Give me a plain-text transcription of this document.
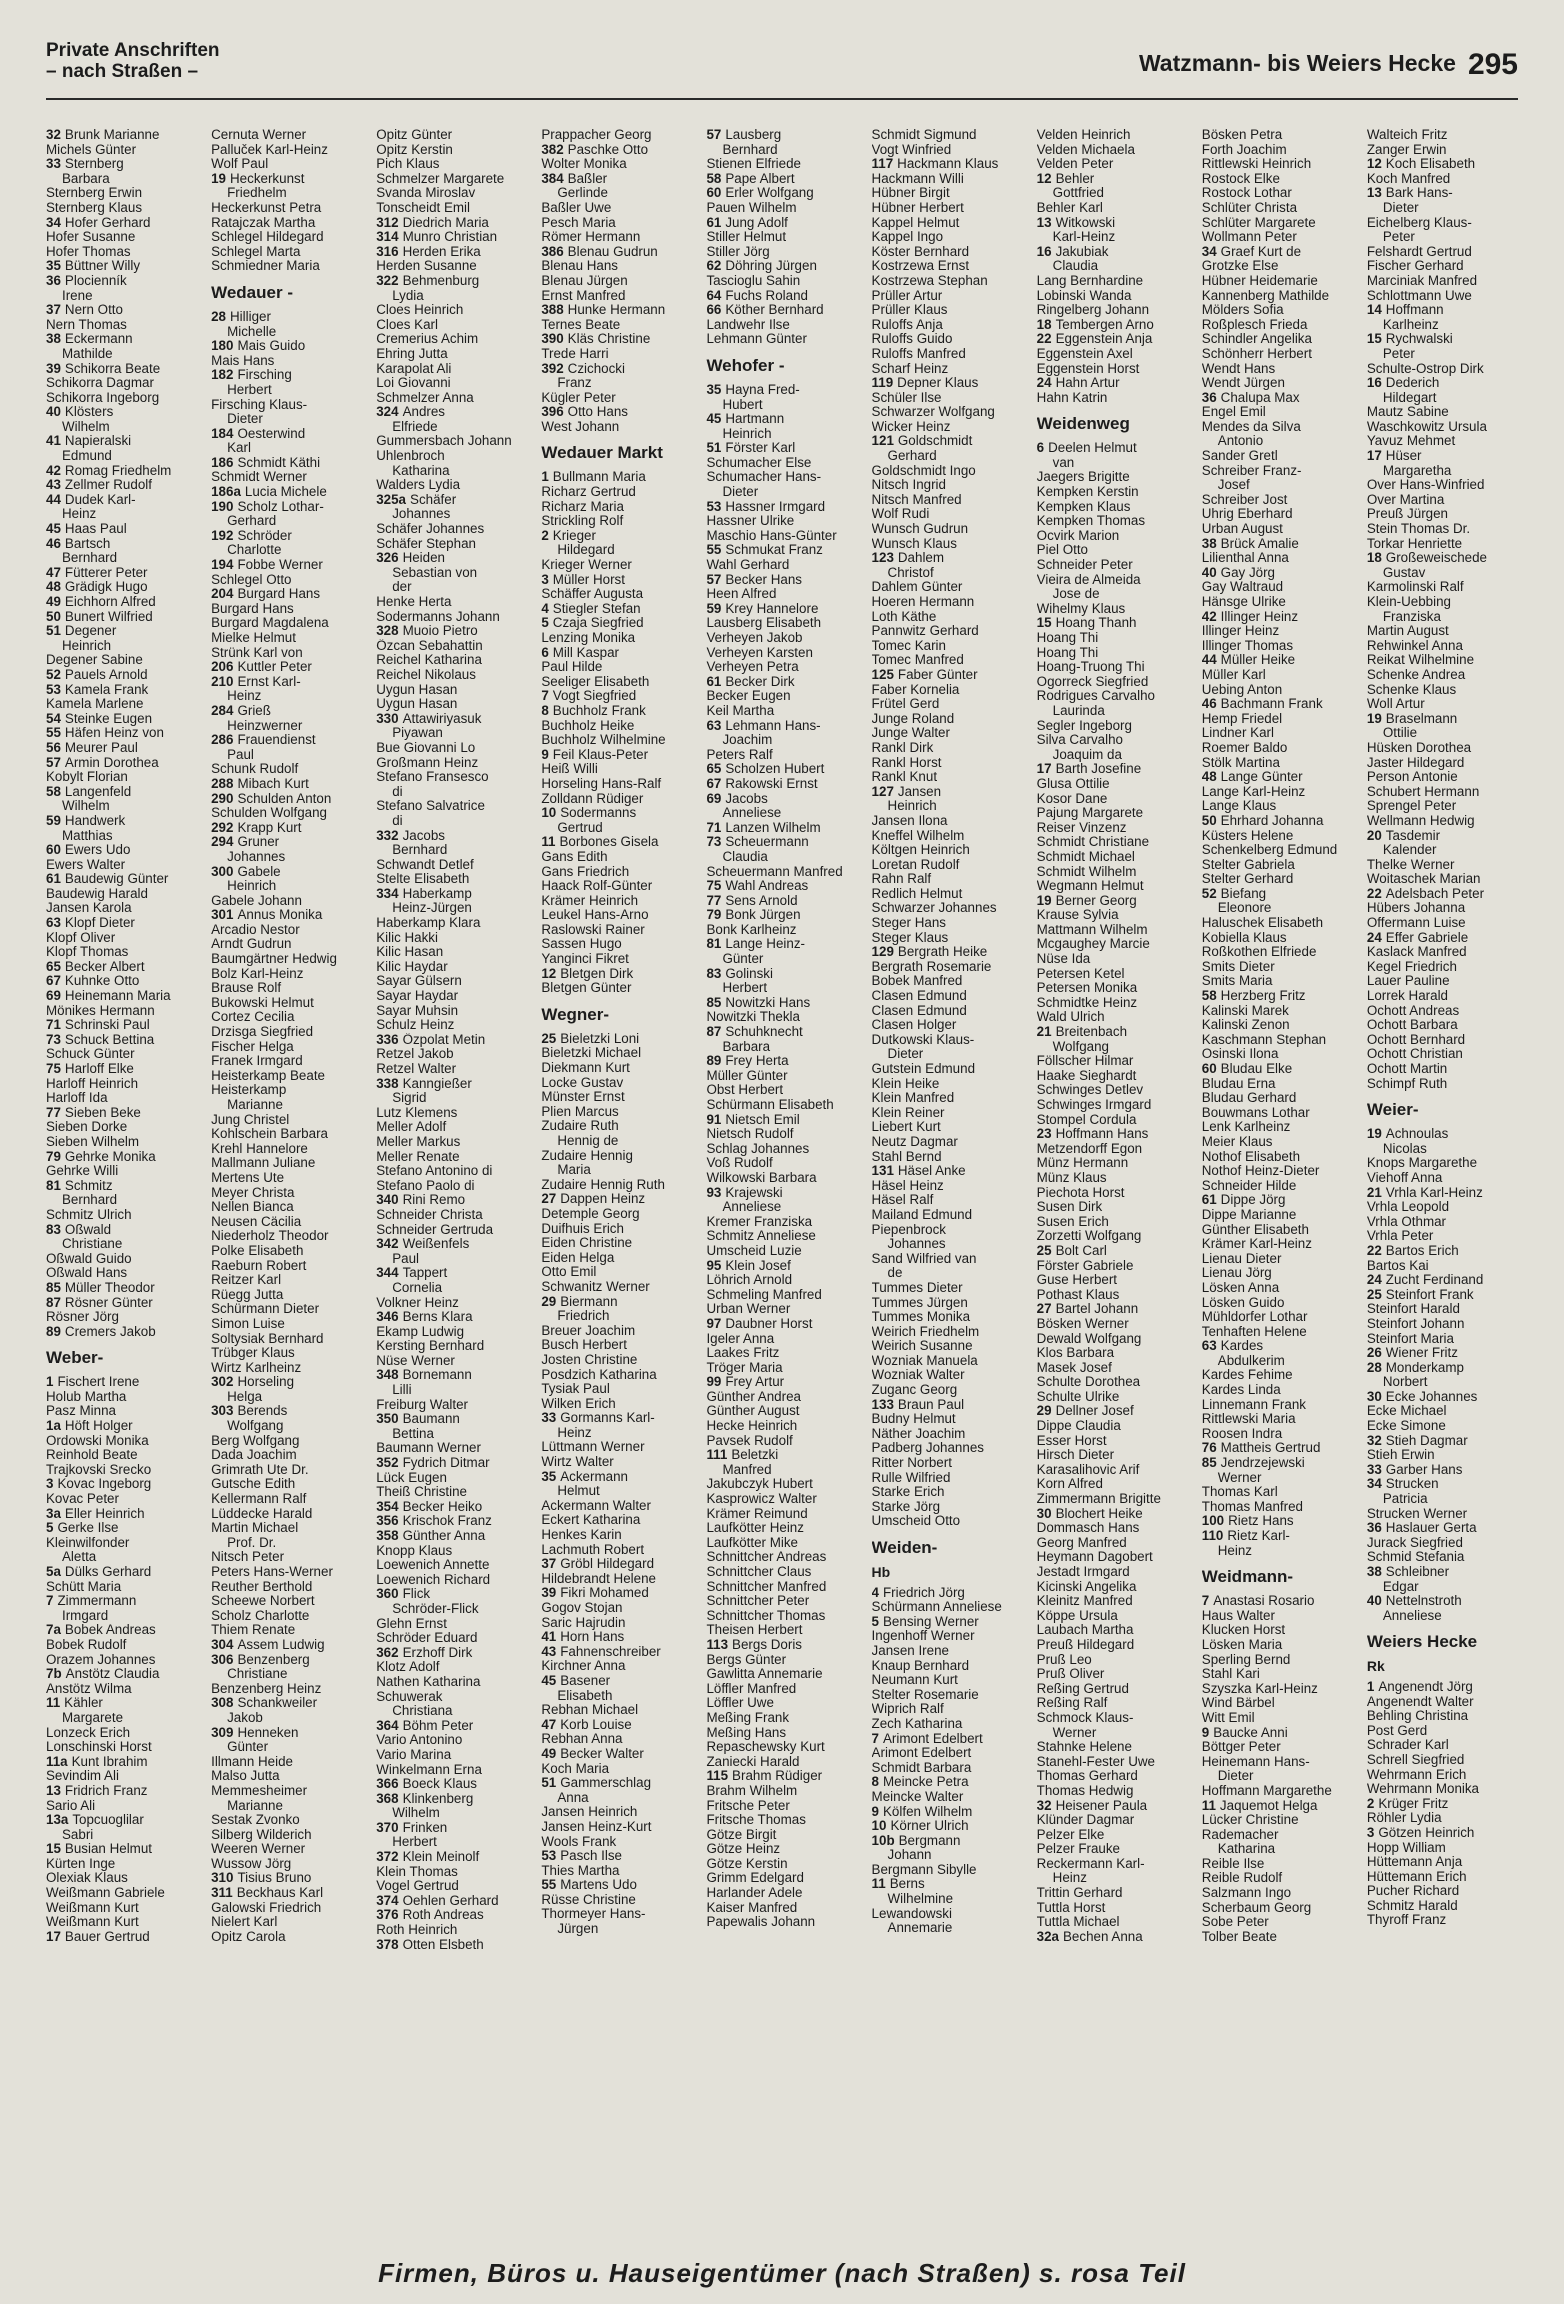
Private Anschriften
– nach Straßen –	Watzmann- bis Weiers Hecke 295
32 Brunk Marianne
Michels Günter
33 Sternberg
Barbara
Sternberg Erwin
Sternberg Klaus
34 Hofer Gerhard
Hofer Susanne
Hofer Thomas
35 Büttner Willy
36 Plocienník
Irene
37 Nern Otto
Nern Thomas
38 Eckermann
Mathilde
39 Schikorra Beate
Schikorra Dagmar
Schikorra Ingeborg
40 Klösters
Wilhelm
41 Napieralski
Edmund
42 Romag Friedhelm
43 Zellmer Rudolf
44 Dudek Karl-
Heinz
45 Haas Paul
46 Bartsch
Bernhard
47 Fütterer Peter
48 Grädigk Hugo
49 Eichhorn Alfred
50 Bunert Wilfried
51 Degener
Heinrich
Degener Sabine
52 Pauels Arnold
53 Kamela Frank
Kamela Marlene
54 Steinke Eugen
55 Häfen Heinz von
56 Meurer Paul
57 Armin Dorothea
Kobylt Florian
58 Langenfeld
Wilhelm
59 Handwerk
Matthias
60 Ewers Udo
Ewers Walter
61 Baudewig Günter
Baudewig Harald
Jansen Karola
63 Klopf Dieter
Klopf Oliver
Klopf Thomas
65 Becker Albert
67 Kuhnke Otto
69 Heinemann Maria
Mönikes Hermann
71 Schrinski Paul
73 Schuck Bettina
Schuck Günter
75 Harloff Elke
Harloff Heinrich
Harloff Ida
77 Sieben Beke
Sieben Dorke
Sieben Wilhelm
79 Gehrke Monika
Gehrke Willi
81 Schmitz
Bernhard
Schmitz Ulrich
83 Oßwald
Christiane
Oßwald Guido
Oßwald Hans
85 Müller Theodor
87 Rösner Günter
Rösner Jörg
89 Cremers Jakob
Weber-
1 Fischert Irene
Holub Martha
Pasz Minna
1a Höft Holger
Ordowski Monika
Reinhold Beate
Trajkovski Srecko
3 Kovac Ingeborg
Kovac Peter
3a Eller Heinrich
5 Gerke Ilse
Kleinwilfonder
Aletta
5a Dülks Gerhard
Schütt Maria
7 Zimmermann
Irmgard
7a Bobek Andreas
Bobek Rudolf
Orazem Johannes
7b Anstötz Claudia
Anstötz Wilma
11 Kähler
Margarete
Lonzeck Erich
Lonschinski Horst
11a Kunt Ibrahim
Sevindim Ali
13 Fridrich Franz
Sario Ali
13a Topcuoglilar
Sabri
15 Busian Helmut
Kürten Inge
Olexiak Klaus
Weißmann Gabriele
Weißmann Kurt
Weißmann Kurt
17 Bauer Gertrud
Cernuta Werner
Palluček Karl-Heinz
Wolf Paul
19 Heckerkunst
Friedhelm
Heckerkunst Petra
Ratajczak Martha
Schlegel Hildegard
Schlegel Marta
Schmiedner Maria
Wedauer -
28 Hilliger
Michelle
180 Mais Guido
Mais Hans
182 Firsching
Herbert
Firsching Klaus-
Dieter
184 Oesterwind
Karl
186 Schmidt Käthi
Schmidt Werner
186a Lucia Michele
190 Scholz Lothar-
Gerhard
192 Schröder
Charlotte
194 Fobbe Werner
Schlegel Otto
204 Burgard Hans
Burgard Hans
Burgard Magdalena
Mielke Helmut
Strünk Karl von
206 Kuttler Peter
210 Ernst Karl-
Heinz
284 Grieß
Heinzwerner
286 Frauendienst
Paul
Schunk Rudolf
288 Mibach Kurt
290 Schulden Anton
Schulden Wolfgang
292 Krapp Kurt
294 Gruner
Johannes
300 Gabele
Heinrich
Gabele Johann
301 Annus Monika
Arcadio Nestor
Arndt Gudrun
Baumgärtner Hedwig
Bolz Karl-Heinz
Brause Rolf
Bukowski Helmut
Cortez Cecilia
Drzisga Siegfried
Fischer Helga
Franek Irmgard
Heisterkamp Beate
Heisterkamp
Marianne
Jung Christel
Kohlschein Barbara
Krehl Hannelore
Mallmann Juliane
Mertens Ute
Meyer Christa
Nellen Bianca
Neusen Cäcilia
Niederholz Theodor
Polke Elisabeth
Raeburn Robert
Reitzer Karl
Rüegg Jutta
Schürmann Dieter
Simon Luise
Soltysiak Bernhard
Trübger Klaus
Wirtz Karlheinz
302 Horseling
Helga
303 Berends
Wolfgang
Berg Wolfgang
Dada Joachim
Grimrath Ute Dr.
Gutsche Edith
Kellermann Ralf
Lüddecke Harald
Martin Michael
Prof. Dr.
Nitsch Peter
Peters Hans-Werner
Reuther Berthold
Scheewe Norbert
Scholz Charlotte
Thiem Renate
304 Assem Ludwig
306 Benzenberg
Christiane
Benzenberg Heinz
308 Schankweiler
Jakob
309 Henneken
Günter
Illmann Heide
Malso Jutta
Memmesheimer
Marianne
Sestak Zvonko
Silberg Wilderich
Weeren Werner
Wussow Jörg
310 Tisius Bruno
311 Beckhaus Karl
Galowski Friedrich
Nielert Karl
Opitz Carola
Opitz Günter
Opitz Kerstin
Pich Klaus
Schmelzer Margarete
Svanda Miroslav
Tonscheidt Emil
312 Diedrich Maria
314 Munro Christian
316 Herden Erika
Herden Susanne
322 Behmenburg
Lydia
Cloes Heinrich
Cloes Karl
Cremerius Achim
Ehring Jutta
Karapolat Ali
Loi Giovanni
Schmelzer Anna
324 Andres
Elfriede
Gummersbach Johann
Uhlenbroch
Katharina
Walders Lydia
325a Schäfer
Johannes
Schäfer Johannes
Schäfer Stephan
326 Heiden
Sebastian von
der
Henke Herta
Sodermanns Johann
328 Muoio Pietro
Özcan Sebahattin
Reichel Katharina
Reichel Nikolaus
Uygun Hasan
Uygun Hasan
330 Attawiriyasuk
Piyawan
Bue Giovanni Lo
Großmann Heinz
Stefano Fransesco
di
Stefano Salvatrice
di
332 Jacobs
Bernhard
Schwandt Detlef
Stelte Elisabeth
334 Haberkamp
Heinz-Jürgen
Haberkamp Klara
Kilic Hakki
Kilic Hasan
Kilic Haydar
Sayar Gülsern
Sayar Haydar
Sayar Muhsin
Schulz Heinz
336 Özpolat Metin
Retzel Jakob
Retzel Walter
338 Kanngießer
Sigrid
Lutz Klemens
Meller Adolf
Meller Markus
Meller Renate
Stefano Antonino di
Stefano Paolo di
340 Rini Remo
Schneider Christa
Schneider Gertruda
342 Weißenfels
Paul
344 Tappert
Cornelia
Volkner Heinz
346 Berns Klara
Ekamp Ludwig
Kersting Bernhard
Nüse Werner
348 Bornemann
Lilli
Freiburg Walter
350 Baumann
Bettina
Baumann Werner
352 Fydrich Ditmar
Lück Eugen
Theiß Christine
354 Becker Heiko
356 Krischok Franz
358 Günther Anna
Knopp Klaus
Loewenich Annette
Loewenich Richard
360 Flick
Schröder-Flick
Glehn Ernst
Schröder Eduard
362 Erzhoff Dirk
Klotz Adolf
Nathen Katharina
Schuwerak
Christiana
364 Böhm Peter
Vario Antonino
Vario Marina
Winkelmann Erna
366 Boeck Klaus
368 Klinkenberg
Wilhelm
370 Frinken
Herbert
372 Klein Meinolf
Klein Thomas
Vogel Gertrud
374 Oehlen Gerhard
376 Roth Andreas
Roth Heinrich
378 Otten Elsbeth
Prappacher Georg
382 Paschke Otto
Wolter Monika
384 Baßler
Gerlinde
Baßler Uwe
Pesch Maria
Römer Hermann
386 Blenau Gudrun
Blenau Hans
Blenau Jürgen
Ernst Manfred
388 Hunke Hermann
Ternes Beate
390 Kläs Christine
Trede Harri
392 Czichocki
Franz
Kügler Peter
396 Otto Hans
West Johann
Wedauer Markt
1 Bullmann Maria
Richarz Gertrud
Richarz Maria
Strickling Rolf
2 Krieger
Hildegard
Krieger Werner
3 Müller Horst
Schäffer Augusta
4 Stiegler Stefan
5 Czaja Siegfried
Lenzing Monika
6 Mill Kaspar
Paul Hilde
Seeliger Elisabeth
7 Vogt Siegfried
8 Buchholz Frank
Buchholz Heike
Buchholz Wilhelmine
9 Feil Klaus-Peter
Heiß Willi
Horseling Hans-Ralf
Zolldann Rüdiger
10 Sodermanns
Gertrud
11 Borbones Gisela
Gans Edith
Gans Friedrich
Haack Rolf-Günter
Krämer Heinrich
Leukel Hans-Arno
Raslowski Rainer
Sassen Hugo
Yanginci Fikret
12 Bletgen Dirk
Bletgen Günter
Wegner-
25 Bieletzki Loni
Bieletzki Michael
Diekmann Kurt
Locke Gustav
Münster Ernst
Plien Marcus
Zudaire Ruth
Hennig de
Zudaire Hennig
Maria
Zudaire Hennig Ruth
27 Dappen Heinz
Detemple Georg
Duifhuis Erich
Eiden Christine
Eiden Helga
Otto Emil
Schwanitz Werner
29 Biermann
Friedrich
Breuer Joachim
Busch Herbert
Josten Christine
Posdzich Katharina
Tysiak Paul
Wilken Erich
33 Gormanns Karl-
Heinz
Lüttmann Werner
Wirtz Walter
35 Ackermann
Helmut
Ackermann Walter
Eckert Katharina
Henkes Karin
Lachmuth Robert
37 Gröbl Hildegard
Hildebrandt Helene
39 Fikri Mohamed
Gogov Stojan
Saric Hajrudin
41 Horn Hans
43 Fahnenschreiber
Kirchner Anna
45 Basener
Elisabeth
Rebhan Michael
47 Korb Louise
Rebhan Anna
49 Becker Walter
Koch Maria
51 Gammerschlag
Anna
Jansen Heinrich
Jansen Heinz-Kurt
Wools Frank
53 Pasch Ilse
Thies Martha
55 Martens Udo
Rüsse Christine
Thormeyer Hans-
Jürgen
57 Lausberg
Bernhard
Stienen Elfriede
58 Pape Albert
60 Erler Wolfgang
Pauen Wilhelm
61 Jung Adolf
Stiller Helmut
Stiller Jörg
62 Döhring Jürgen
Tascioglu Sahin
64 Fuchs Roland
66 Köther Bernhard
Landwehr Ilse
Lehmann Günter
Wehofer -
35 Hayna Fred-
Hubert
45 Hartmann
Heinrich
51 Förster Karl
Schumacher Else
Schumacher Hans-
Dieter
53 Hassner Irmgard
Hassner Ulrike
Maschio Hans-Günter
55 Schmukat Franz
Wahl Gerhard
57 Becker Hans
Heen Alfred
59 Krey Hannelore
Lausberg Elisabeth
Verheyen Jakob
Verheyen Karsten
Verheyen Petra
61 Becker Dirk
Becker Eugen
Keil Martha
63 Lehmann Hans-
Joachim
Peters Ralf
65 Scholzen Hubert
67 Rakowski Ernst
69 Jacobs
Anneliese
71 Lanzen Wilhelm
73 Scheuermann
Claudia
Scheuermann Manfred
75 Wahl Andreas
77 Sens Arnold
79 Bonk Jürgen
Bonk Karlheinz
81 Lange Heinz-
Günter
83 Golinski
Herbert
85 Nowitzki Hans
Nowitzki Thekla
87 Schuhknecht
Barbara
89 Frey Herta
Müller Günter
Obst Herbert
Schürmann Elisabeth
91 Nietsch Emil
Nietsch Rudolf
Schlag Johannes
Voß Rudolf
Wilkowski Barbara
93 Krajewski
Anneliese
Kremer Franziska
Schmitz Anneliese
Umscheid Luzie
95 Klein Josef
Löhrich Arnold
Schmeling Manfred
Urban Werner
97 Daubner Horst
Igeler Anna
Laakes Fritz
Tröger Maria
99 Frey Artur
Günther Andrea
Günther August
Hecke Heinrich
Pavsek Rudolf
111 Beletzki
Manfred
Jakubczyk Hubert
Kasprowicz Walter
Krämer Reimund
Laufkötter Heinz
Laufkötter Mike
Schnittcher Andreas
Schnittcher Claus
Schnittcher Manfred
Schnittcher Peter
Schnittcher Thomas
Theisen Herbert
113 Bergs Doris
Bergs Günter
Gawlitta Annemarie
Löffler Manfred
Löffler Uwe
Meßing Frank
Meßing Hans
Repaschewsky Kurt
Zaniecki Harald
115 Brahm Rüdiger
Brahm Wilhelm
Fritsche Peter
Fritsche Thomas
Götze Birgit
Götze Heinz
Götze Kerstin
Grimm Edelgard
Harlander Adele
Kaiser Manfred
Papewalis Johann
Schmidt Sigmund
Vogt Winfried
117 Hackmann Klaus
Hackmann Willi
Hübner Birgit
Hübner Herbert
Kappel Helmut
Kappel Ingo
Köster Bernhard
Kostrzewa Ernst
Kostrzewa Stephan
Prüller Artur
Prüller Klaus
Ruloffs Anja
Ruloffs Guido
Ruloffs Manfred
Scharf Heinz
119 Depner Klaus
Schüler Ilse
Schwarzer Wolfgang
Wicker Heinz
121 Goldschmidt
Gerhard
Goldschmidt Ingo
Nitsch Ingrid
Nitsch Manfred
Wolf Rudi
Wunsch Gudrun
Wunsch Klaus
123 Dahlem
Christof
Dahlem Günter
Hoeren Hermann
Loth Käthe
Pannwitz Gerhard
Tomec Karin
Tomec Manfred
125 Faber Günter
Faber Kornelia
Frütel Gerd
Junge Roland
Junge Walter
Rankl Dirk
Rankl Horst
Rankl Knut
127 Jansen
Heinrich
Jansen Ilona
Kneffel Wilhelm
Költgen Heinrich
Loretan Rudolf
Rahn Ralf
Redlich Helmut
Schwarzer Johannes
Steger Hans
Steger Klaus
129 Bergrath Heike
Bergrath Rosemarie
Bobek Manfred
Clasen Edmund
Clasen Edmund
Clasen Holger
Dutkowski Klaus-
Dieter
Gutstein Edmund
Klein Heike
Klein Manfred
Klein Reiner
Liebert Kurt
Neutz Dagmar
Stahl Bernd
131 Häsel Anke
Häsel Heinz
Häsel Ralf
Mailand Edmund
Piepenbrock
Johannes
Sand Wilfried van
de
Tummes Dieter
Tummes Jürgen
Tummes Monika
Weirich Friedhelm
Weirich Susanne
Wozniak Manuela
Wozniak Walter
Zuganc Georg
133 Braun Paul
Budny Helmut
Näther Joachim
Padberg Johannes
Ritter Norbert
Rulle Wilfried
Starke Erich
Starke Jörg
Umscheid Otto
Weiden-
Hb
4 Friedrich Jörg
Schürmann Anneliese
5 Bensing Werner
Ingenhoff Werner
Jansen Irene
Knaup Bernhard
Neumann Kurt
Stelter Rosemarie
Wiprich Ralf
Zech Katharina
7 Arimont Edelbert
Arimont Edelbert
Schmidt Barbara
8 Meincke Petra
Meincke Walter
9 Kölfen Wilhelm
10 Körner Ulrich
10b Bergmann
Johann
Bergmann Sibylle
11 Berns
Wilhelmine
Lewandowski
Annemarie
Velden Heinrich
Velden Michaela
Velden Peter
12 Behler
Gottfried
Behler Karl
13 Witkowski
Karl-Heinz
16 Jakubiak
Claudia
Lang Bernhardine
Lobinski Wanda
Ringelberg Johann
18 Tembergen Arno
22 Eggenstein Anja
Eggenstein Axel
Eggenstein Horst
24 Hahn Artur
Hahn Katrin
Weidenweg
6 Deelen Helmut
van
Jaegers Brigitte
Kempken Kerstin
Kempken Klaus
Kempken Thomas
Ocvirk Marion
Piel Otto
Schneider Peter
Vieira de Almeida
Jose de
Wihelmy Klaus
15 Hoang Thanh
Hoang Thi
Hoang Thi
Hoang-Truong Thi
Ogorreck Siegfried
Rodrigues Carvalho
Laurinda
Segler Ingeborg
Silva Carvalho
Joaquim da
17 Barth Josefine
Glusa Ottilie
Kosor Dane
Pajung Margarete
Reiser Vinzenz
Schmidt Christiane
Schmidt Michael
Schmidt Wilhelm
Wegmann Helmut
19 Berner Georg
Krause Sylvia
Mattmann Wilhelm
Mcgaughey Marcie
Nüse Ida
Petersen Ketel
Petersen Monika
Schmidtke Heinz
Wald Ulrich
21 Breitenbach
Wolfgang
Föllscher Hilmar
Haake Sieghardt
Schwinges Detlev
Schwinges Irmgard
Stompel Cordula
23 Hoffmann Hans
Metzendorff Egon
Münz Hermann
Münz Klaus
Piechota Horst
Susen Dirk
Susen Erich
Zorzetti Wolfgang
25 Bolt Carl
Förster Gabriele
Guse Herbert
Pothast Klaus
27 Bartel Johann
Bösken Werner
Dewald Wolfgang
Klos Barbara
Masek Josef
Schulte Dorothea
Schulte Ulrike
29 Dellner Josef
Dippe Claudia
Esser Horst
Hirsch Dieter
Karasalihovic Arif
Korn Alfred
Zimmermann Brigitte
30 Blochert Heike
Dommasch Hans
Georg Manfred
Heymann Dagobert
Jestadt Irmgard
Kicinski Angelika
Kleinitz Manfred
Köppe Ursula
Laubach Martha
Preuß Hildegard
Pruß Leo
Pruß Oliver
Reßing Gertrud
Reßing Ralf
Schmock Klaus-
Werner
Stahnke Helene
Stanehl-Fester Uwe
Thomas Gerhard
Thomas Hedwig
32 Heisener Paula
Klünder Dagmar
Pelzer Elke
Pelzer Frauke
Reckermann Karl-
Heinz
Trittin Gerhard
Tuttla Horst
Tuttla Michael
32a Bechen Anna
Bösken Petra
Forth Joachim
Rittlewski Heinrich
Rostock Elke
Rostock Lothar
Schlüter Christa
Schlüter Margarete
Wollmann Peter
34 Graef Kurt de
Grotzke Else
Hübner Heidemarie
Kannenberg Mathilde
Mölders Sofia
Roßplesch Frieda
Schindler Angelika
Schönherr Herbert
Wendt Hans
Wendt Jürgen
36 Chalupa Max
Engel Emil
Mendes da Silva
Antonio
Sander Gretl
Schreiber Franz-
Josef
Schreiber Jost
Uhrig Eberhard
Urban August
38 Brück Amalie
Lilienthal Anna
40 Gay Jörg
Gay Waltraud
Hänsge Ulrike
42 Illinger Heinz
Illinger Heinz
Illinger Thomas
44 Müller Heike
Müller Karl
Uebing Anton
46 Bachmann Frank
Hemp Friedel
Lindner Karl
Roemer Baldo
Stölk Martina
48 Lange Günter
Lange Karl-Heinz
Lange Klaus
50 Ehrhard Johanna
Küsters Helene
Schenkelberg Edmund
Stelter Gabriela
Stelter Gerhard
52 Biefang
Eleonore
Haluschek Elisabeth
Kobiella Klaus
Roßkothen Elfriede
Smits Dieter
Smits Maria
58 Herzberg Fritz
Kalinski Marek
Kalinski Zenon
Kaschmann Stephan
Osinski Ilona
60 Bludau Elke
Bludau Erna
Bludau Gerhard
Bouwmans Lothar
Lenk Karlheinz
Meier Klaus
Nothof Elisabeth
Nothof Heinz-Dieter
Schneider Hilde
61 Dippe Jörg
Dippe Marianne
Günther Elisabeth
Krämer Karl-Heinz
Lienau Dieter
Lienau Jörg
Lösken Anna
Lösken Guido
Mühldorfer Lothar
Tenhaften Helene
63 Kardes
Abdulkerim
Kardes Fehime
Kardes Linda
Linnemann Frank
Rittlewski Maria
Roosen Indra
76 Mattheis Gertrud
85 Jendrzejewski
Werner
Thomas Karl
Thomas Manfred
100 Rietz Hans
110 Rietz Karl-
Heinz
Weidmann-
7 Anastasi Rosario
Haus Walter
Klucken Horst
Lösken Maria
Sperling Bernd
Stahl Kari
Szyszka Karl-Heinz
Wind Bärbel
Witt Emil
9 Baucke Anni
Böttger Peter
Heinemann Hans-
Dieter
Hoffmann Margarethe
11 Jaquemot Helga
Lücker Christine
Rademacher
Katharina
Reible Ilse
Reible Rudolf
Salzmann Ingo
Scherbaum Georg
Sobe Peter
Tolber Beate
Walteich Fritz
Zanger Erwin
12 Koch Elisabeth
Koch Manfred
13 Bark Hans-
Dieter
Eichelberg Klaus-
Peter
Felshardt Gertrud
Fischer Gerhard
Marciniak Manfred
Schlottmann Uwe
14 Hoffmann
Karlheinz
15 Rychwalski
Peter
Schulte-Ostrop Dirk
16 Dederich
Hildegart
Mautz Sabine
Waschkowitz Ursula
Yavuz Mehmet
17 Hüser
Margaretha
Over Hans-Winfried
Over Martina
Preuß Jürgen
Stein Thomas Dr.
Torkar Henriette
18 Großeweischede
Gustav
Karmolinski Ralf
Klein-Uebbing
Franziska
Martin August
Rehwinkel Anna
Reikat Wilhelmine
Schenke Andrea
Schenke Klaus
Woll Artur
19 Braselmann
Ottilie
Hüsken Dorothea
Jaster Hildegard
Person Antonie
Schubert Hermann
Sprengel Peter
Wellmann Hedwig
20 Tasdemir
Kalender
Thelke Werner
Woitaschek Marian
22 Adelsbach Peter
Hübers Johanna
Offermann Luise
24 Effer Gabriele
Kaslack Manfred
Kegel Friedrich
Lauer Pauline
Lorrek Harald
Ochott Andreas
Ochott Barbara
Ochott Bernhard
Ochott Christian
Ochott Martin
Schimpf Ruth
Weier-
19 Achnoulas
Nicolas
Knops Margarethe
Viehoff Anna
21 Vrhla Karl-Heinz
Vrhla Leopold
Vrhla Othmar
Vrhla Peter
22 Bartos Erich
Bartos Kai
24 Zucht Ferdinand
25 Steinfort Frank
Steinfort Harald
Steinfort Johann
Steinfort Maria
26 Wiener Fritz
28 Monderkamp
Norbert
30 Ecke Johannes
Ecke Michael
Ecke Simone
32 Stieh Dagmar
Stieh Erwin
33 Garber Hans
34 Strucken
Patricia
Strucken Werner
36 Haslauer Gerta
Jurack Siegfried
Schmid Stefania
38 Schleibner
Edgar
40 Nettelnstroth
Anneliese
Weiers Hecke
Rk
1 Angenendt Jörg
Angenendt Walter
Behling Christina
Post Gerd
Schrader Karl
Schrell Siegfried
Wehrmann Erich
Wehrmann Monika
2 Krüger Fritz
Röhler Lydia
3 Götzen Heinrich
Hopp William
Hüttemann Anja
Hüttemann Erich
Pucher Richard
Schmitz Harald
Thyroff Franz
Firmen, Büros u. Hauseigentümer (nach Straßen) s. rosa Teil
